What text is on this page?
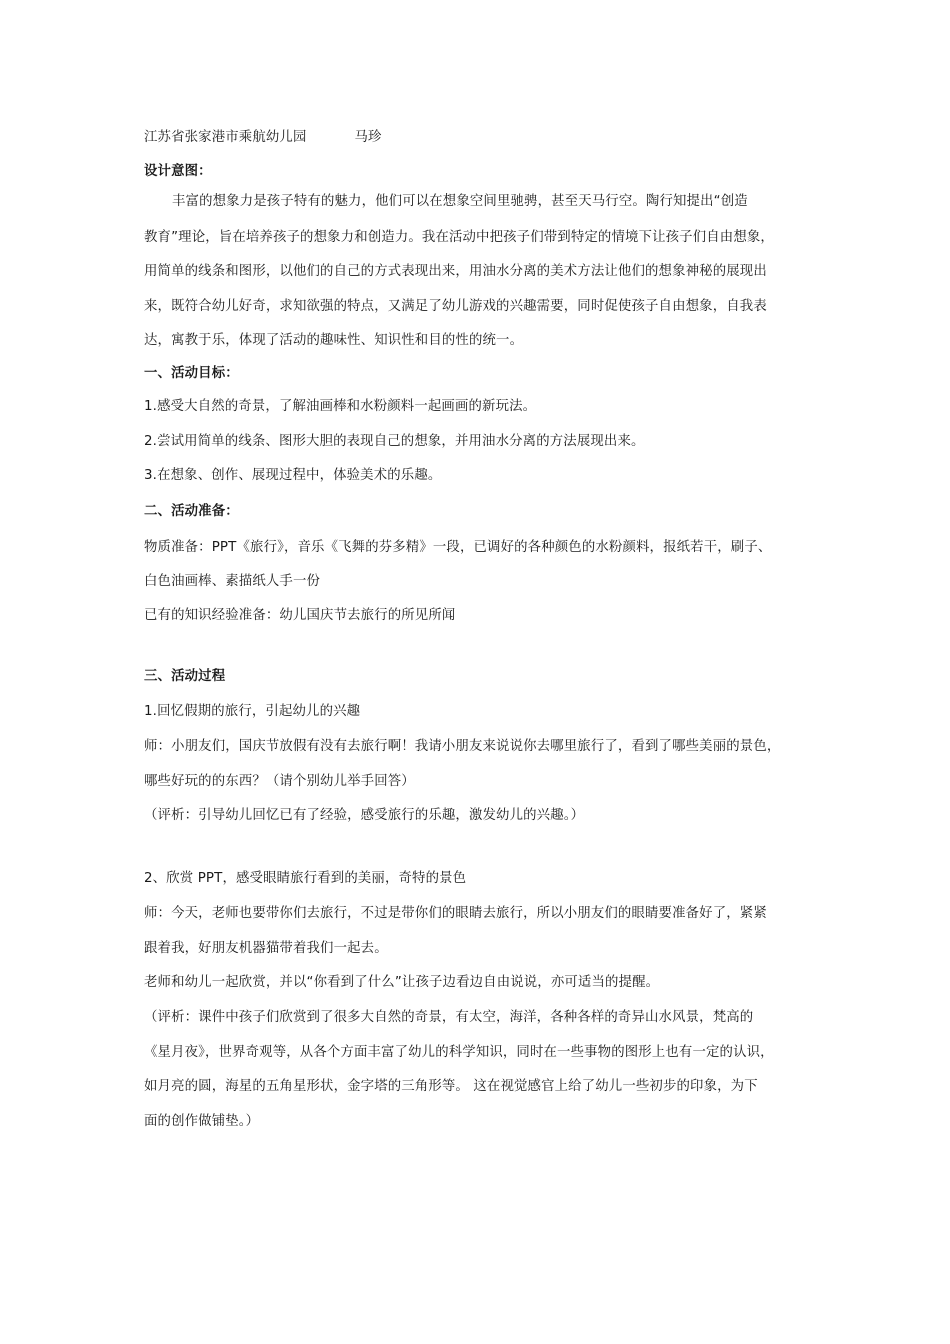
江苏省张家港市乘航幼儿园	马珍
设计意图：
丰富的想象力是孩子特有的魅力，他们可以在想象空间里驰骋，甚至天马行空。陶行知提出“创造
教育”理论，旨在培养孩子的想象力和创造力。我在活动中把孩子们带到特定的情境下让孩子们自由想象，
用简单的线条和图形，以他们的自己的方式表现出来，用油水分离的美术方法让他们的想象神秘的展现出
来，既符合幼儿好奇，求知欲强的特点，又满足了幼儿游戏的兴趣需要，同时促使孩子自由想象，自我表
达，寓教于乐，体现了活动的趣味性、知识性和目的性的统一。
一、活动目标：
1.感受大自然的奇景，了解油画棒和水粉颜料一起画画的新玩法。
2.尝试用简单的线条、图形大胆的表现自己的想象，并用油水分离的方法展现出来。
3.在想象、创作、展现过程中，体验美术的乐趣。
二、活动准备：
物质准备：PPT《旅行》，音乐《飞舞的芬多精》一段，已调好的各种颜色的水粉颜料，报纸若干，刷子、
白色油画棒、素描纸人手一份
已有的知识经验准备：幼儿国庆节去旅行的所见所闻
三、活动过程
1.回忆假期的旅行，引起幼儿的兴趣
师：小朋友们，国庆节放假有没有去旅行啊！我请小朋友来说说你去哪里旅行了，看到了哪些美丽的景色，
哪些好玩的的东西？（请个别幼儿举手回答）
（评析：引导幼儿回忆已有了经验，感受旅行的乐趣，激发幼儿的兴趣。）
2、欣赏 PPT，感受眼睛旅行看到的美丽，奇特的景色
师：今天，老师也要带你们去旅行，不过是带你们的眼睛去旅行，所以小朋友们的眼睛要准备好了，紧紧
跟着我，好朋友机器猫带着我们一起去。
老师和幼儿一起欣赏，并以“你看到了什么”让孩子边看边自由说说，亦可适当的提醒。
（评析：课件中孩子们欣赏到了很多大自然的奇景，有太空，海洋，各种各样的奇异山水风景，梵高的
《星月夜》，世界奇观等，从各个方面丰富了幼儿的科学知识，同时在一些事物的图形上也有一定的认识，
如月亮的圆，海星的五角星形状，金字塔的三角形等。 这在视觉感官上给了幼儿一些初步的印象，为下
面的创作做铺垫。）
